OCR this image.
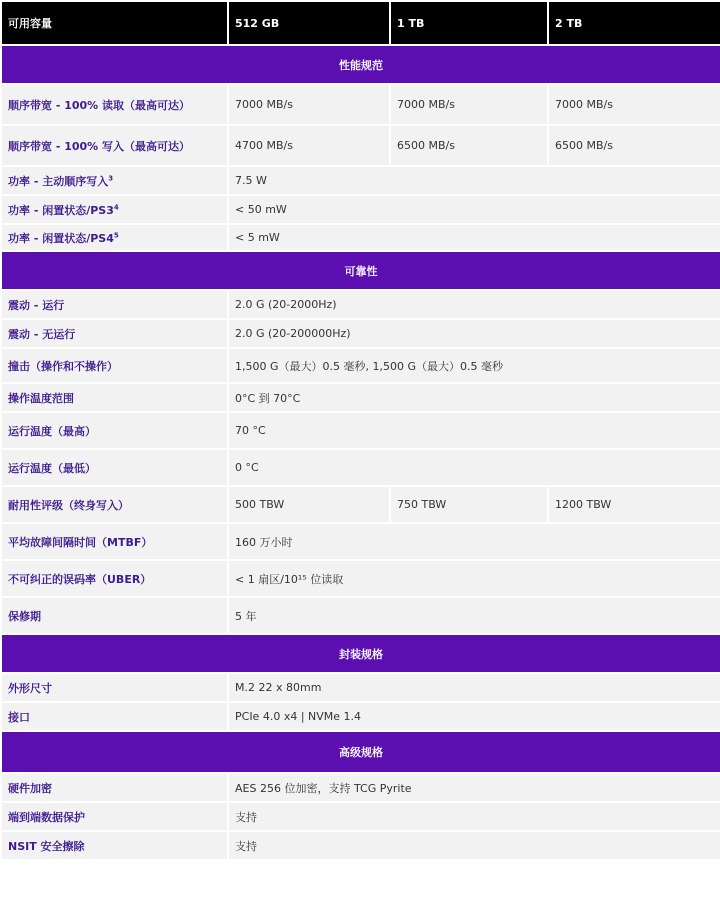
可用容量	512 GB	1 TB	2 TB
性能规范			
顺序带宽 - 100% 读取（最高可达）	7000 MB/s	7000 MB/s	7000 MB/s
顺序带宽 - 100% 写入（最高可达）	4700 MB/s	6500 MB/s	6500 MB/s
功率 - 主动顺序写入$^3$	7.5 W		
功率 - 闲置状态$/PS3^4$	< 50 mW		
功率 - 闲置状态$/PS4^5$	< 5 mW		
可靠性			
震动 - 运行	2.0 G (20-2000Hz)		
震动 - 无运行	2.0 G (20-200000Hz)		
撞击（操作和不操作）	1,500 G（最大）0.5 毫秒, 1,500 G（最大）0.5 毫秒		
操作温度范围	0°C 到 70°C		
运行温度（最高）	70 °C		
运行温度（最低）	0 °C		
耐用性评级（终身写入）	500 TBW	750 TBW	1200 TBW
平均故障间隔时间（MTBF）	160 万小时		
不可纠正的误码率（UBER）	< 1 扇区/10¹⁵ 位读取		
保修期	5 年		
封装规格			
外形尺寸	M.2 22 x 80mm		
接口	PCIe 4.0 x4 | NVMe 1.4		
高级规格			
硬件加密	AES 256 位加密，支持 TCG Pyrite		
端到端数据保护	支持		
NSIT 安全擦除	支持		
